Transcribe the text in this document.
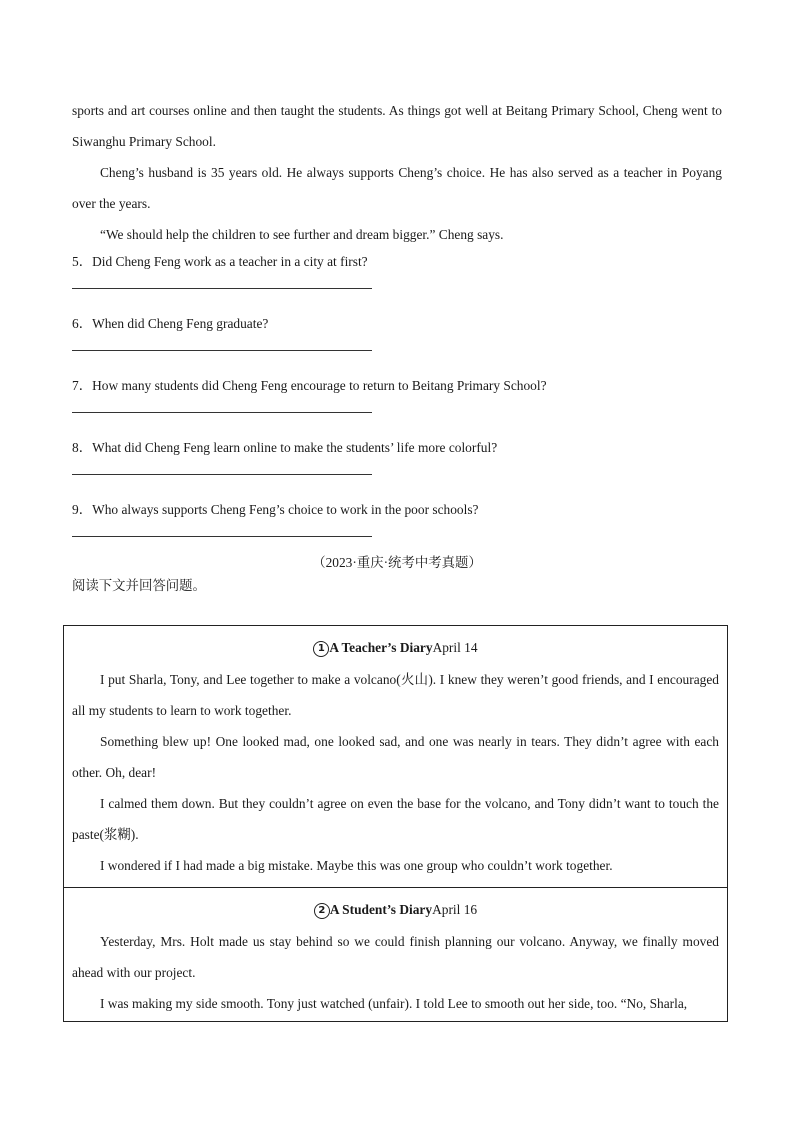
sports and art courses online and then taught the students. As things got well at Beitang Primary School, Cheng went to Siwanghu Primary School.

Cheng’s husband is 35 years old. He always supports Cheng’s choice. He has also served as a teacher in Poyang over the years.

“We should help the children to see further and dream bigger.” Cheng says.

5．Did Cheng Feng work as a teacher in a city at first?

6．When did Cheng Feng graduate?

7．How many students did Cheng Feng encourage to return to Beitang Primary School?

8．What did Cheng Feng learn online to make the students’ life more colorful?

9．Who always supports Cheng Feng’s choice to work in the poor schools?

（2023·重庆·统考中考真题）

阅读下文并回答问题。

1 A Teacher’s DiaryApril 14

I put Sharla, Tony, and Lee together to make a volcano(火山). I knew they weren’t good friends, and I encouraged all my students to learn to work together.

Something blew up! One looked mad, one looked sad, and one was nearly in tears. They didn’t agree with each other. Oh, dear!

I calmed them down. But they couldn’t agree on even the base for the volcano, and Tony didn’t want to touch the paste(浆糊).

I wondered if I had made a big mistake. Maybe this was one group who couldn’t work together.

2 A Student’s DiaryApril 16

Yesterday, Mrs. Holt made us stay behind so we could finish planning our volcano. Anyway, we finally moved ahead with our project.

I was making my side smooth. Tony just watched (unfair). I told Lee to smooth out her side, too. “No, Sharla,
